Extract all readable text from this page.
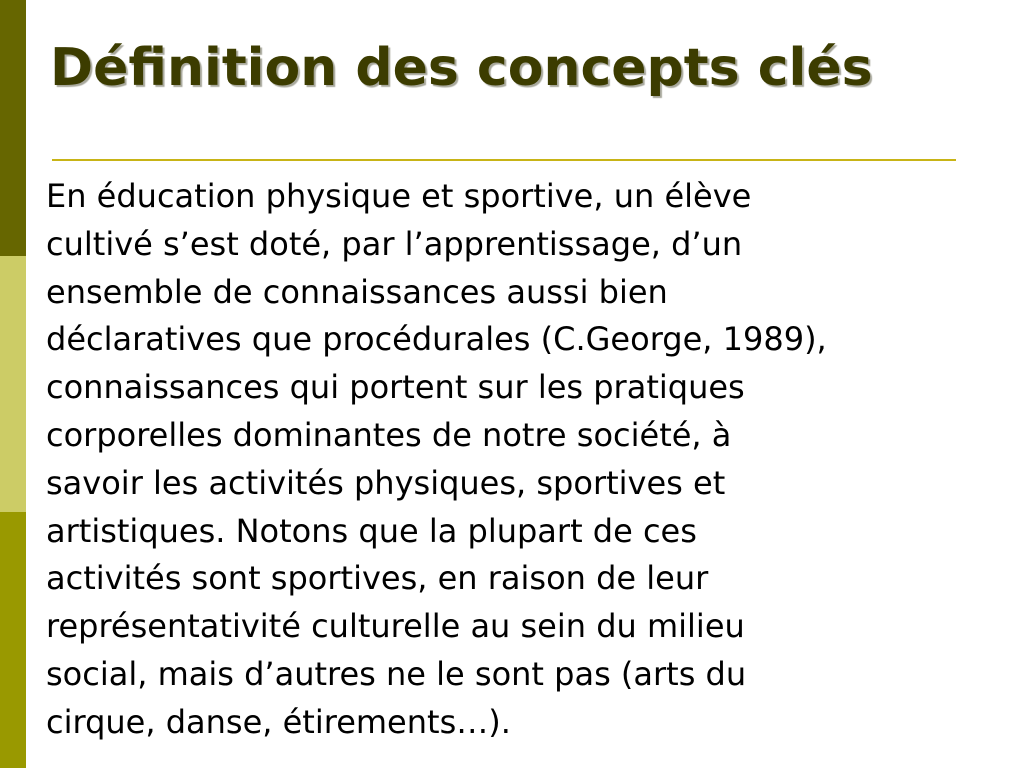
Définition des concepts clés
En éducation physique et sportive, un élève
cultivé s’est doté, par l’apprentissage, d’un
ensemble de connaissances aussi bien
déclaratives que procédurales (C.George, 1989),
connaissances qui portent sur les pratiques
corporelles dominantes de notre société, à
savoir les activités physiques, sportives et
artistiques. Notons que la plupart de ces
activités sont sportives, en raison de leur
représentativité culturelle au sein du milieu
social, mais d’autres ne le sont pas (arts du
cirque, danse, étirements…).
